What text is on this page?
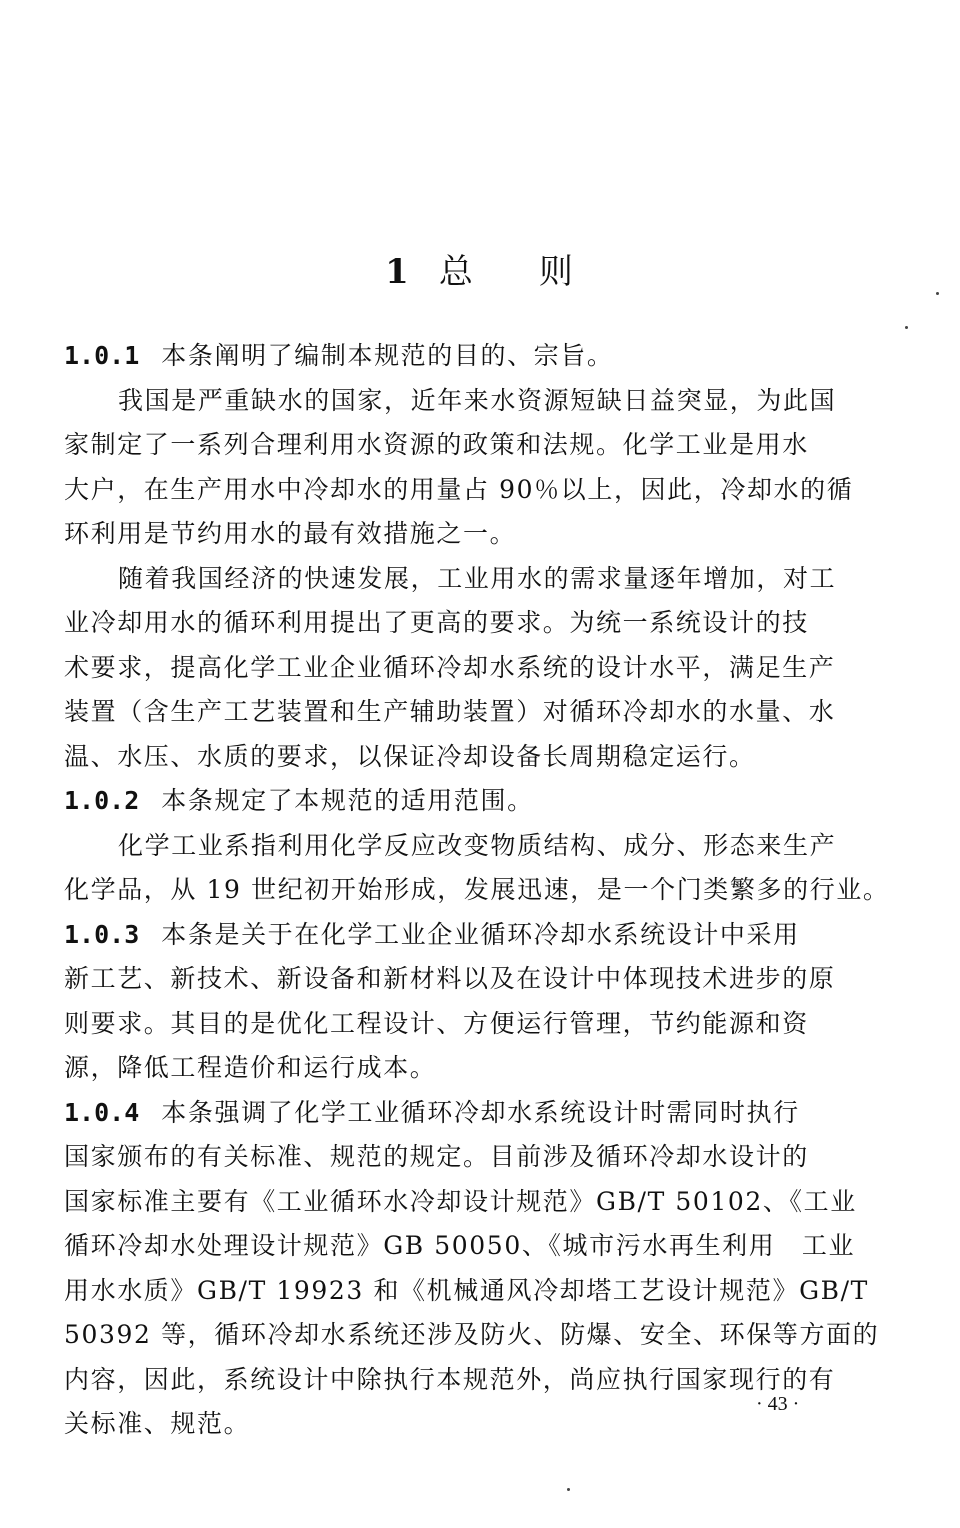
1 总 则
1.0.1 本条阐明了编制本规范的目的、宗旨。
我国是严重缺水的国家，近年来水资源短缺日益突显，为此国
家制定了一系列合理利用水资源的政策和法规。化学工业是用水
大户，在生产用水中冷却水的用量占 90％以上，因此，冷却水的循
环利用是节约用水的最有效措施之一。
随着我国经济的快速发展，工业用水的需求量逐年增加，对工
业冷却用水的循环利用提出了更高的要求。为统一系统设计的技
术要求，提高化学工业企业循环冷却水系统的设计水平，满足生产
装置（含生产工艺装置和生产辅助装置）对循环冷却水的水量、水
温、水压、水质的要求，以保证冷却设备长周期稳定运行。
1.0.2 本条规定了本规范的适用范围。
化学工业系指利用化学反应改变物质结构、成分、形态来生产
化学品，从 19 世纪初开始形成，发展迅速，是一个门类繁多的行业。
1.0.3 本条是关于在化学工业企业循环冷却水系统设计中采用
新工艺、新技术、新设备和新材料以及在设计中体现技术进步的原
则要求。其目的是优化工程设计、方便运行管理，节约能源和资
源，降低工程造价和运行成本。
1.0.4 本条强调了化学工业循环冷却水系统设计时需同时执行
国家颁布的有关标准、规范的规定。目前涉及循环冷却水设计的
国家标准主要有《工业循环水冷却设计规范》GB/T 50102、《工业
循环冷却水处理设计规范》GB 50050、《城市污水再生利用　工业
用水水质》GB/T 19923 和《机械通风冷却塔工艺设计规范》GB/T
50392 等，循环冷却水系统还涉及防火、防爆、安全、环保等方面的
内容，因此，系统设计中除执行本规范外，尚应执行国家现行的有
关标准、规范。
· 43 ·
